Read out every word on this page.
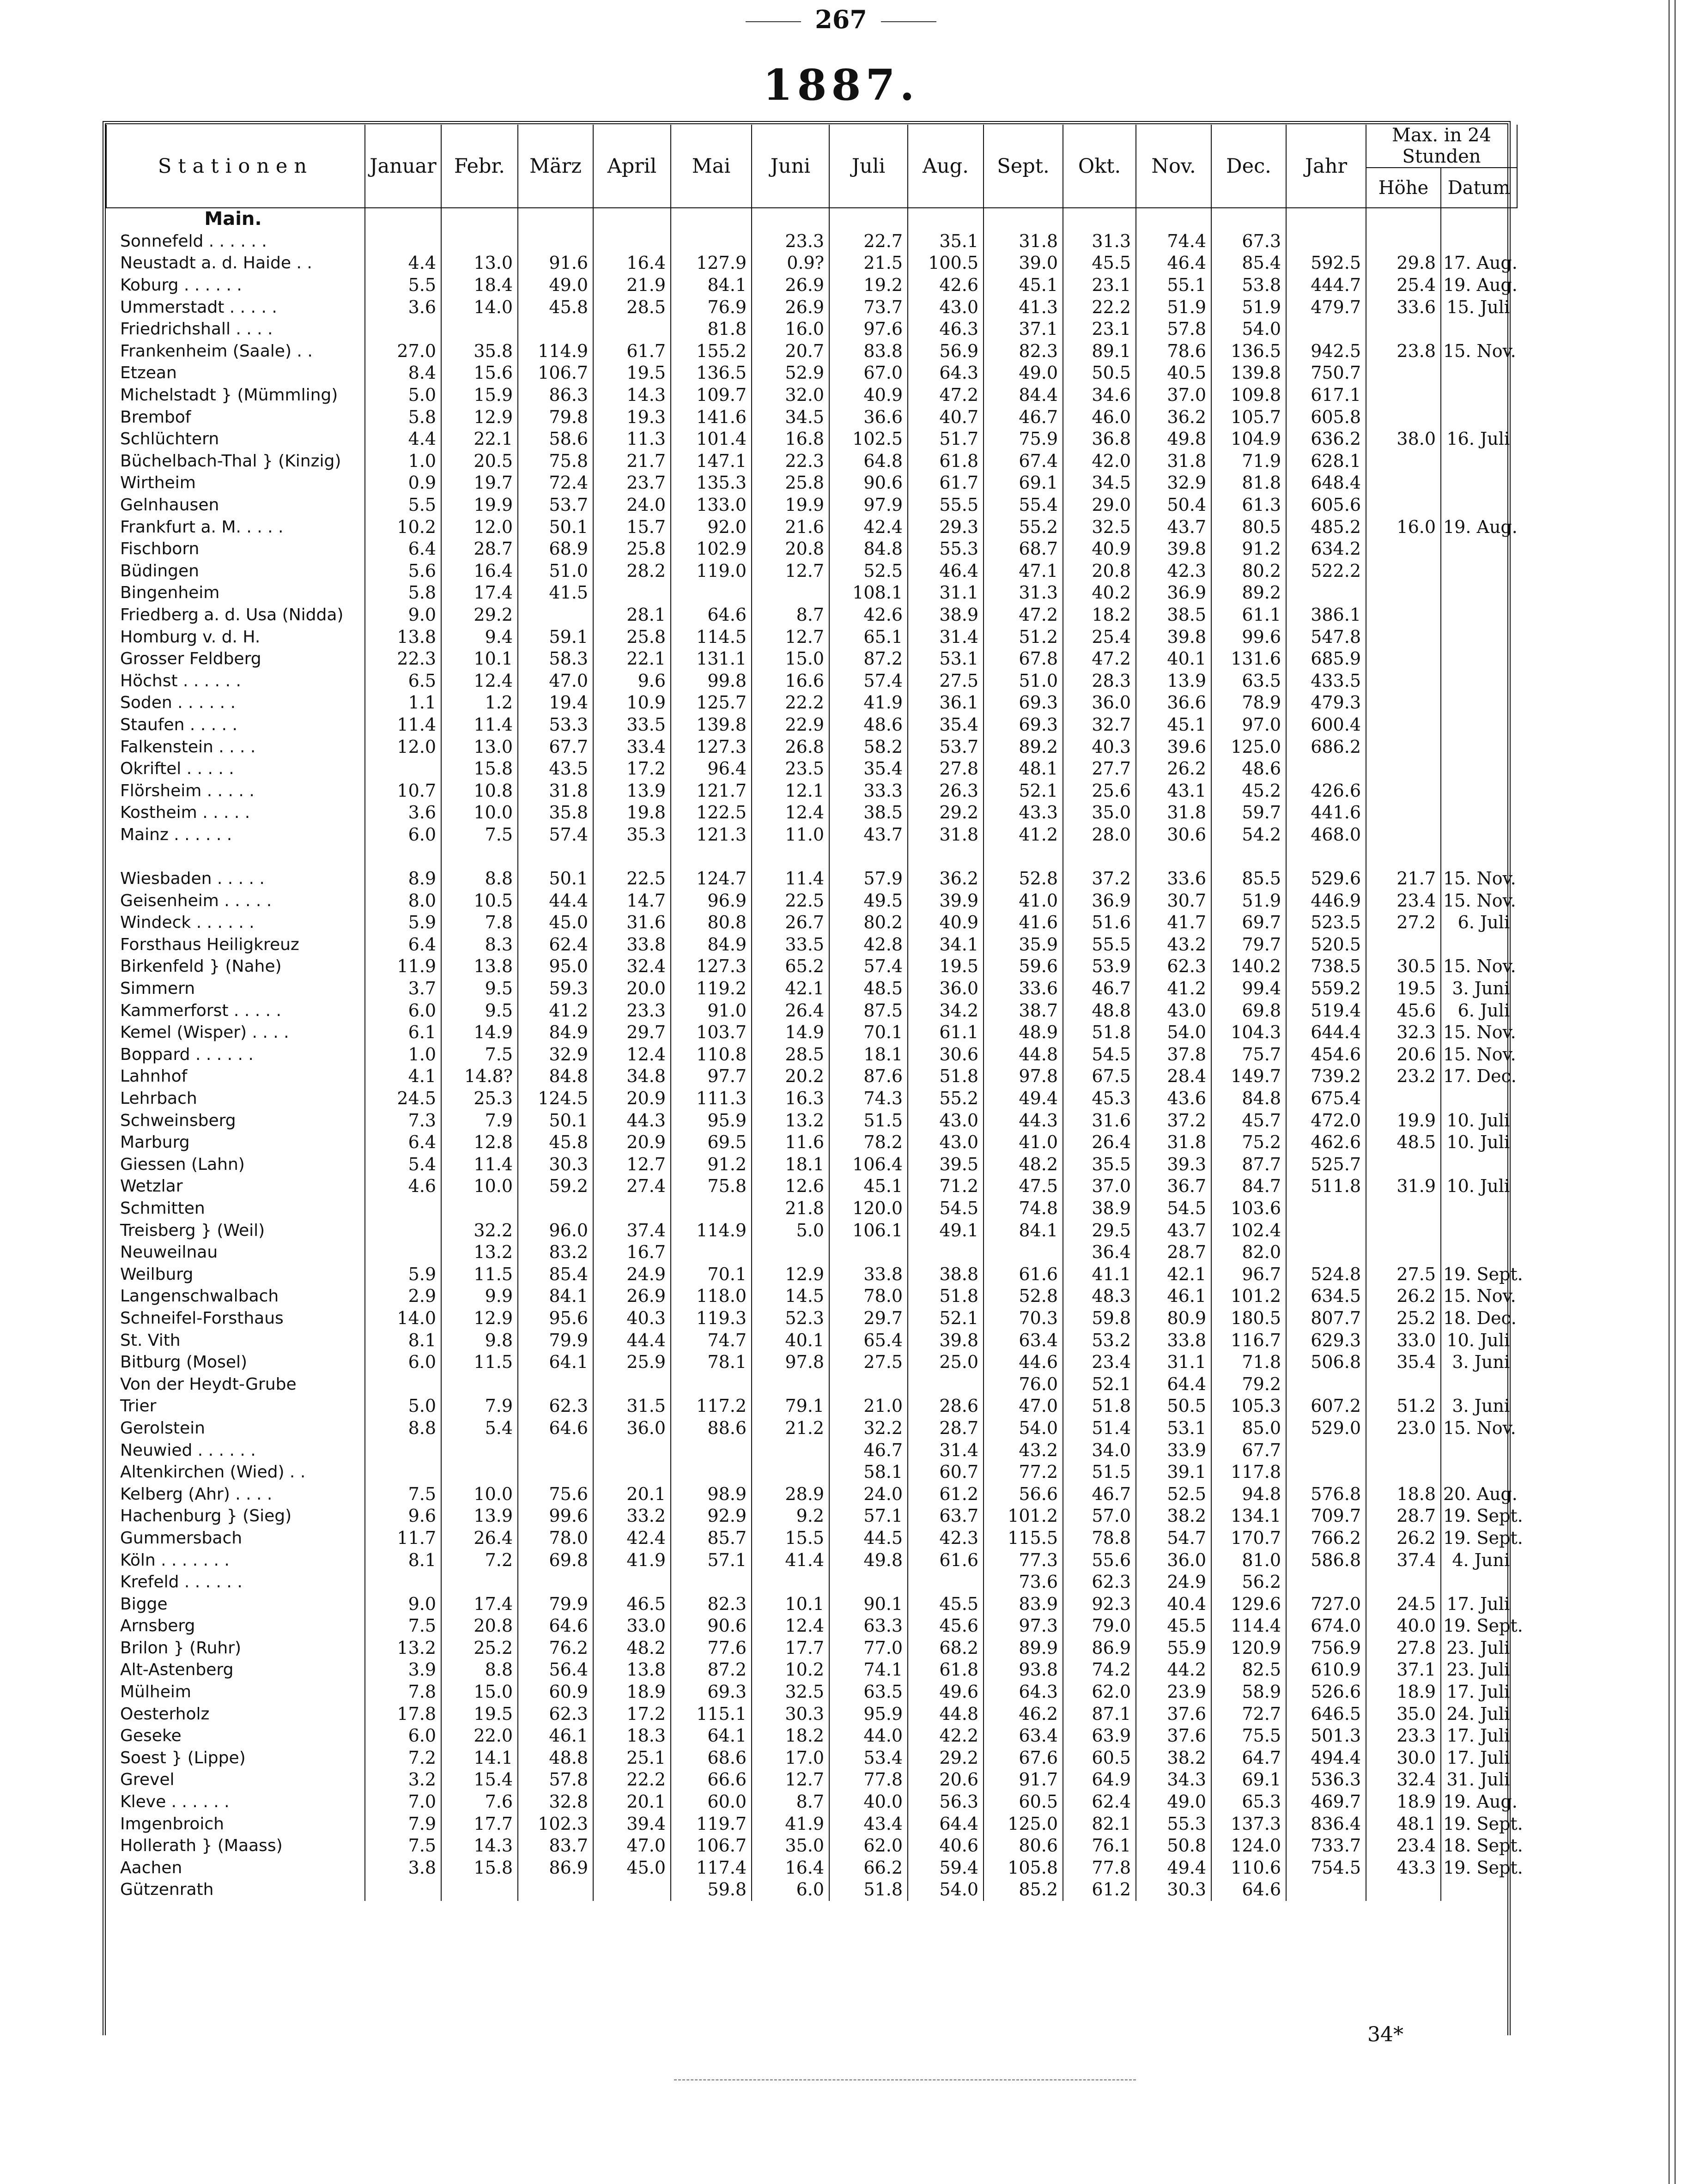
267
1887.
Stationen	Januar	Febr.	März	April	Mai	Juni	Juli	Aug.	Sept.	Okt.	Nov.	Dec.	Jahr	Max. in 24 Stunden	
														Höhe	Datum
Main.															
Sonnefeld . . . . . .						23.3	22.7	35.1	31.8	31.3	74.4	67.3			
Neustadt a. d. Haide . .	4.4	13.0	91.6	16.4	127.9	0.9?	21.5	100.5	39.0	45.5	46.4	85.4	592.5	29.8	17. Aug.
Koburg . . . . . .	5.5	18.4	49.0	21.9	84.1	26.9	19.2	42.6	45.1	23.1	55.1	53.8	444.7	25.4	19. Aug.
Ummerstadt . . . . .	3.6	14.0	45.8	28.5	76.9	26.9	73.7	43.0	41.3	22.2	51.9	51.9	479.7	33.6	15. Juli
Friedrichshall . . . .					81.8	16.0	97.6	46.3	37.1	23.1	57.8	54.0			
Frankenheim (Saale) . .	27.0	35.8	114.9	61.7	155.2	20.7	83.8	56.9	82.3	89.1	78.6	136.5	942.5	23.8	15. Nov.
Etzean	8.4	15.6	106.7	19.5	136.5	52.9	67.0	64.3	49.0	50.5	40.5	139.8	750.7		
Michelstadt } (Mümmling)	5.0	15.9	86.3	14.3	109.7	32.0	40.9	47.2	84.4	34.6	37.0	109.8	617.1		
Brembof	5.8	12.9	79.8	19.3	141.6	34.5	36.6	40.7	46.7	46.0	36.2	105.7	605.8		
Schlüchtern	4.4	22.1	58.6	11.3	101.4	16.8	102.5	51.7	75.9	36.8	49.8	104.9	636.2	38.0	16. Juli
Büchelbach-Thal } (Kinzig)	1.0	20.5	75.8	21.7	147.1	22.3	64.8	61.8	67.4	42.0	31.8	71.9	628.1		
Wirtheim	0.9	19.7	72.4	23.7	135.3	25.8	90.6	61.7	69.1	34.5	32.9	81.8	648.4		
Gelnhausen	5.5	19.9	53.7	24.0	133.0	19.9	97.9	55.5	55.4	29.0	50.4	61.3	605.6		
Frankfurt a. M. . . . .	10.2	12.0	50.1	15.7	92.0	21.6	42.4	29.3	55.2	32.5	43.7	80.5	485.2	16.0	19. Aug.
Fischborn	6.4	28.7	68.9	25.8	102.9	20.8	84.8	55.3	68.7	40.9	39.8	91.2	634.2		
Büdingen	5.6	16.4	51.0	28.2	119.0	12.7	52.5	46.4	47.1	20.8	42.3	80.2	522.2		
Bingenheim	5.8	17.4	41.5				108.1	31.1	31.3	40.2	36.9	89.2			
Friedberg a. d. Usa (Nidda)	9.0	29.2		28.1	64.6	8.7	42.6	38.9	47.2	18.2	38.5	61.1	386.1		
Homburg v. d. H.	13.8	9.4	59.1	25.8	114.5	12.7	65.1	31.4	51.2	25.4	39.8	99.6	547.8		
Grosser Feldberg	22.3	10.1	58.3	22.1	131.1	15.0	87.2	53.1	67.8	47.2	40.1	131.6	685.9		
Höchst . . . . . .	6.5	12.4	47.0	9.6	99.8	16.6	57.4	27.5	51.0	28.3	13.9	63.5	433.5		
Soden . . . . . .	1.1	1.2	19.4	10.9	125.7	22.2	41.9	36.1	69.3	36.0	36.6	78.9	479.3		
Staufen . . . . .	11.4	11.4	53.3	33.5	139.8	22.9	48.6	35.4	69.3	32.7	45.1	97.0	600.4		
Falkenstein . . . .	12.0	13.0	67.7	33.4	127.3	26.8	58.2	53.7	89.2	40.3	39.6	125.0	686.2		
Okriftel . . . . .		15.8	43.5	17.2	96.4	23.5	35.4	27.8	48.1	27.7	26.2	48.6			
Flörsheim . . . . .	10.7	10.8	31.8	13.9	121.7	12.1	33.3	26.3	52.1	25.6	43.1	45.2	426.6		
Kostheim . . . . .	3.6	10.0	35.8	19.8	122.5	12.4	38.5	29.2	43.3	35.0	31.8	59.7	441.6		
Mainz . . . . . .	6.0	7.5	57.4	35.3	121.3	11.0	43.7	31.8	41.2	28.0	30.6	54.2	468.0		

Wiesbaden . . . . .	8.9	8.8	50.1	22.5	124.7	11.4	57.9	36.2	52.8	37.2	33.6	85.5	529.6	21.7	15. Nov.
Geisenheim . . . . .	8.0	10.5	44.4	14.7	96.9	22.5	49.5	39.9	41.0	36.9	30.7	51.9	446.9	23.4	15. Nov.
Windeck . . . . . .	5.9	7.8	45.0	31.6	80.8	26.7	80.2	40.9	41.6	51.6	41.7	69.7	523.5	27.2	6. Juli
Forsthaus Heiligkreuz	6.4	8.3	62.4	33.8	84.9	33.5	42.8	34.1	35.9	55.5	43.2	79.7	520.5		
Birkenfeld } (Nahe)	11.9	13.8	95.0	32.4	127.3	65.2	57.4	19.5	59.6	53.9	62.3	140.2	738.5	30.5	15. Nov.
Simmern	3.7	9.5	59.3	20.0	119.2	42.1	48.5	36.0	33.6	46.7	41.2	99.4	559.2	19.5	3. Juni
Kammerforst . . . . .	6.0	9.5	41.2	23.3	91.0	26.4	87.5	34.2	38.7	48.8	43.0	69.8	519.4	45.6	6. Juli
Kemel (Wisper) . . . .	6.1	14.9	84.9	29.7	103.7	14.9	70.1	61.1	48.9	51.8	54.0	104.3	644.4	32.3	15. Nov.
Boppard . . . . . .	1.0	7.5	32.9	12.4	110.8	28.5	18.1	30.6	44.8	54.5	37.8	75.7	454.6	20.6	15. Nov.
Lahnhof	4.1	14.8?	84.8	34.8	97.7	20.2	87.6	51.8	97.8	67.5	28.4	149.7	739.2	23.2	17. Dec.
Lehrbach	24.5	25.3	124.5	20.9	111.3	16.3	74.3	55.2	49.4	45.3	43.6	84.8	675.4		
Schweinsberg	7.3	7.9	50.1	44.3	95.9	13.2	51.5	43.0	44.3	31.6	37.2	45.7	472.0	19.9	10. Juli
Marburg	6.4	12.8	45.8	20.9	69.5	11.6	78.2	43.0	41.0	26.4	31.8	75.2	462.6	48.5	10. Juli
Giessen (Lahn)	5.4	11.4	30.3	12.7	91.2	18.1	106.4	39.5	48.2	35.5	39.3	87.7	525.7		
Wetzlar	4.6	10.0	59.2	27.4	75.8	12.6	45.1	71.2	47.5	37.0	36.7	84.7	511.8	31.9	10. Juli
Schmitten						21.8	120.0	54.5	74.8	38.9	54.5	103.6			
Treisberg } (Weil)		32.2	96.0	37.4	114.9	5.0	106.1	49.1	84.1	29.5	43.7	102.4			
Neuweilnau		13.2	83.2	16.7						36.4	28.7	82.0			
Weilburg	5.9	11.5	85.4	24.9	70.1	12.9	33.8	38.8	61.6	41.1	42.1	96.7	524.8	27.5	19. Sept.
Langenschwalbach	2.9	9.9	84.1	26.9	118.0	14.5	78.0	51.8	52.8	48.3	46.1	101.2	634.5	26.2	15. Nov.
Schneifel-Forsthaus	14.0	12.9	95.6	40.3	119.3	52.3	29.7	52.1	70.3	59.8	80.9	180.5	807.7	25.2	18. Dec.
St. Vith	8.1	9.8	79.9	44.4	74.7	40.1	65.4	39.8	63.4	53.2	33.8	116.7	629.3	33.0	10. Juli
Bitburg (Mosel)	6.0	11.5	64.1	25.9	78.1	97.8	27.5	25.0	44.6	23.4	31.1	71.8	506.8	35.4	3. Juni
Von der Heydt-Grube									76.0	52.1	64.4	79.2			
Trier	5.0	7.9	62.3	31.5	117.2	79.1	21.0	28.6	47.0	51.8	50.5	105.3	607.2	51.2	3. Juni
Gerolstein	8.8	5.4	64.6	36.0	88.6	21.2	32.2	28.7	54.0	51.4	53.1	85.0	529.0	23.0	15. Nov.
Neuwied . . . . . .							46.7	31.4	43.2	34.0	33.9	67.7			
Altenkirchen (Wied) . .							58.1	60.7	77.2	51.5	39.1	117.8			
Kelberg (Ahr) . . . .	7.5	10.0	75.6	20.1	98.9	28.9	24.0	61.2	56.6	46.7	52.5	94.8	576.8	18.8	20. Aug.
Hachenburg } (Sieg)	9.6	13.9	99.6	33.2	92.9	9.2	57.1	63.7	101.2	57.0	38.2	134.1	709.7	28.7	19. Sept.
Gummersbach	11.7	26.4	78.0	42.4	85.7	15.5	44.5	42.3	115.5	78.8	54.7	170.7	766.2	26.2	19. Sept.
Köln . . . . . . .	8.1	7.2	69.8	41.9	57.1	41.4	49.8	61.6	77.3	55.6	36.0	81.0	586.8	37.4	4. Juni
Krefeld . . . . . .									73.6	62.3	24.9	56.2			
Bigge	9.0	17.4	79.9	46.5	82.3	10.1	90.1	45.5	83.9	92.3	40.4	129.6	727.0	24.5	17. Juli
Arnsberg	7.5	20.8	64.6	33.0	90.6	12.4	63.3	45.6	97.3	79.0	45.5	114.4	674.0	40.0	19. Sept.
Brilon } (Ruhr)	13.2	25.2	76.2	48.2	77.6	17.7	77.0	68.2	89.9	86.9	55.9	120.9	756.9	27.8	23. Juli
Alt-Astenberg	3.9	8.8	56.4	13.8	87.2	10.2	74.1	61.8	93.8	74.2	44.2	82.5	610.9	37.1	23. Juli
Mülheim	7.8	15.0	60.9	18.9	69.3	32.5	63.5	49.6	64.3	62.0	23.9	58.9	526.6	18.9	17. Juli
Oesterholz	17.8	19.5	62.3	17.2	115.1	30.3	95.9	44.8	46.2	87.1	37.6	72.7	646.5	35.0	24. Juli
Geseke	6.0	22.0	46.1	18.3	64.1	18.2	44.0	42.2	63.4	63.9	37.6	75.5	501.3	23.3	17. Juli
Soest } (Lippe)	7.2	14.1	48.8	25.1	68.6	17.0	53.4	29.2	67.6	60.5	38.2	64.7	494.4	30.0	17. Juli
Grevel	3.2	15.4	57.8	22.2	66.6	12.7	77.8	20.6	91.7	64.9	34.3	69.1	536.3	32.4	31. Juli
Kleve . . . . . .	7.0	7.6	32.8	20.1	60.0	8.7	40.0	56.3	60.5	62.4	49.0	65.3	469.7	18.9	19. Aug.
Imgenbroich	7.9	17.7	102.3	39.4	119.7	41.9	43.4	64.4	125.0	82.1	55.3	137.3	836.4	48.1	19. Sept.
Hollerath } (Maass)	7.5	14.3	83.7	47.0	106.7	35.0	62.0	40.6	80.6	76.1	50.8	124.0	733.7	23.4	18. Sept.
Aachen	3.8	15.8	86.9	45.0	117.4	16.4	66.2	59.4	105.8	77.8	49.4	110.6	754.5	43.3	19. Sept.
Gützenrath					59.8	6.0	51.8	54.0	85.2	61.2	30.3	64.6			
34*
